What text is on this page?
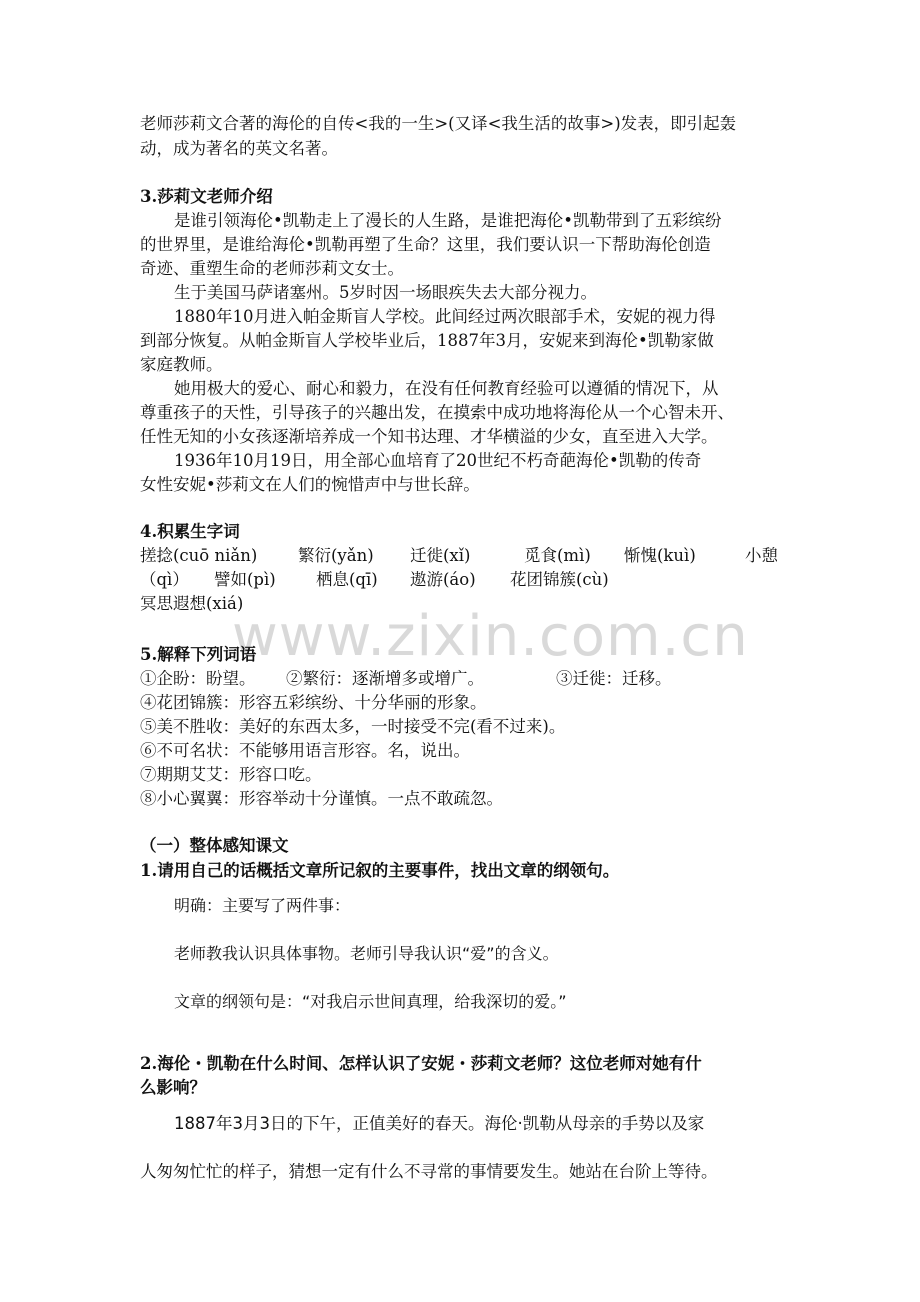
老师莎莉文合著的海伦的自传<我的一生>(又译<我生活的故事>)发表，即引起轰
动，成为著名的英文名著。
3.莎莉文老师介绍
是谁引领海伦•凯勒走上了漫长的人生路，是谁把海伦•凯勒带到了五彩缤纷
的世界里，是谁给海伦•凯勒再塑了生命？这里，我们要认识一下帮助海伦创造
奇迹、重塑生命的老师莎莉文女士。
生于美国马萨诸塞州。5岁时因一场眼疾失去大部分视力。
1880年10月进入帕金斯盲人学校。此间经过两次眼部手术，安妮的视力得
到部分恢复。从帕金斯盲人学校毕业后，1887年3月，安妮来到海伦•凯勒家做
家庭教师。
她用极大的爱心、耐心和毅力，在没有任何教育经验可以遵循的情况下，从
尊重孩子的天性，引导孩子的兴趣出发，在摸索中成功地将海伦从一个心智未开、
任性无知的小女孩逐渐培养成一个知书达理、才华横溢的少女，直至进入大学。
1936年10月19日，用全部心血培育了20世纪不朽奇葩海伦•凯勒的传奇
女性安妮•莎莉文在人们的惋惜声中与世长辞。
4.积累生字词
搓捻(cuō niǎn) 繁衍(yǎn) 迁徙(xǐ)	觅食(mì) 惭愧(kuì)	小憩
（qì） 譬如(pì) 栖息(qī) 遨游(áo) 花团锦簇(cù)
冥思遐想(xiá)
www.zixin.com.cn
5.解释下列词语
①企盼：盼望。 ②繁衍：逐渐增多或增广。	③迁徙：迁移。
④花团锦簇：形容五彩缤纷、十分华丽的形象。
⑤美不胜收：美好的东西太多，一时接受不完(看不过来)。
⑥不可名状：不能够用语言形容。名，说出。
⑦期期艾艾：形容口吃。
⑧小心翼翼：形容举动十分谨慎。一点不敢疏忽。
（一）整体感知课文
1.请用自己的话概括文章所记叙的主要事件，找出文章的纲领句。
明确：主要写了两件事：
老师教我认识具体事物。老师引导我认识“爱”的含义。
文章的纲领句是：“对我启示世间真理，给我深切的爱。”
2.海伦・凯勒在什么时间、怎样认识了安妮・莎莉文老师？这位老师对她有什
么影响？
1887年3月3日的下午，正值美好的春天。海伦·凯勒从母亲的手势以及家
人匆匆忙忙的样子，猜想一定有什么不寻常的事情要发生。她站在台阶上等待。
